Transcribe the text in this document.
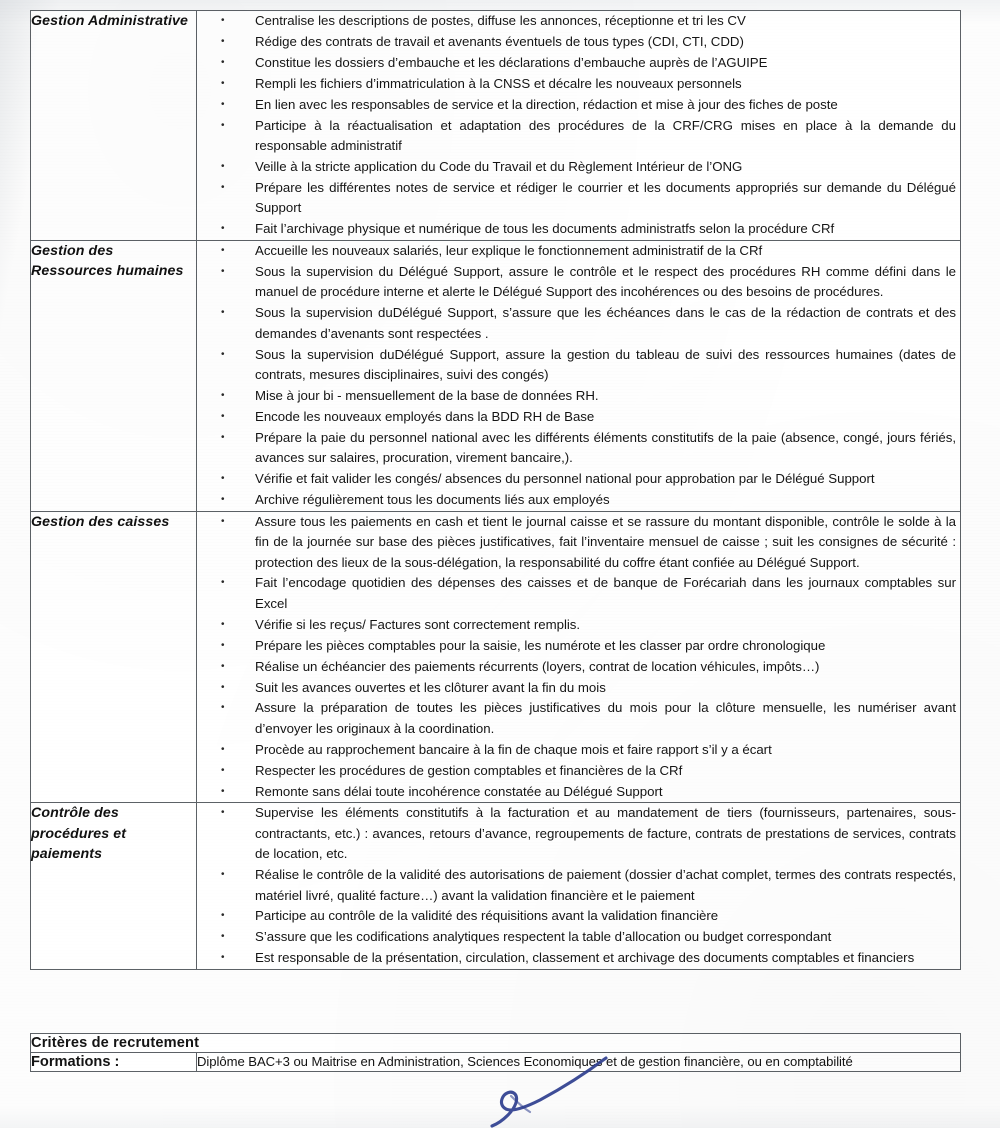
Gestion Administrative	
•Centralise les descriptions de postes, diffuse les annonces, réceptionne et tri les CV
• Rédige des contrats de travail et avenants éventuels de tous types (CDI, CTI, CDD)
• Constitue les dossiers d’embauche et les déclarations d’embauche auprès de l’AGUIPE
• Rempli les fichiers d’immatriculation à la CNSS et décalre les nouveaux personnels
• En lien avec les responsables de service et la direction, rédaction et mise à jour des fiches de poste
• Participe à la réactualisation et adaptation des procédures de la CRF/CRG mises en place à la demande du responsable administratif
• Veille à la stricte application du Code du Travail et du Règlement Intérieur de l’ONG
• Prépare les différentes notes de service et rédiger le courrier et les documents appropriés sur demande du Délégué Support
• Fait l’archivage physique et numérique de tous les documents administratfs selon la procédure CRf

Gestion des Ressources humaines	
• Accueille les nouveaux salariés, leur explique le fonctionnement administratif de la CRf
• Sous la supervision du Délégué Support, assure le contrôle et le respect des procédures RH comme défini dans le manuel de procédure interne et alerte le Délégué Support des incohérences ou des besoins de procédures.
• Sous la supervision duDélégué Support, s’assure que les échéances dans le cas de la rédaction de contrats et des demandes d’avenants sont respectées .
• Sous la supervision duDélégué Support, assure la gestion du tableau de suivi des ressources humaines (dates de contrats, mesures disciplinaires, suivi des congés)
• Mise à jour bi - mensuellement de la base de données RH.
• Encode les nouveaux employés dans la BDD RH de Base
• Prépare la paie du personnel national avec les différents éléments constitutifs de la paie (absence, congé, jours fériés, avances sur salaires, procuration, virement bancaire,).
• Vérifie et fait valider les congés/ absences du personnel national pour approbation par le Délégué Support
• Archive régulièrement tous les documents liés aux employés

Gestion des caisses	
•Assure tous les paiements en cash et tient le journal caisse et se rassure du montant disponible, contrôle le solde à la fin de la journée sur base des pièces justificatives, fait l’inventaire mensuel de caisse ; suit les consignes de sécurité : protection des lieux de la sous-délégation, la responsabilité du coffre étant confiée au Délégué Support.
• Fait l’encodage quotidien des dépenses des caisses et de banque de Forécariah dans les journaux comptables sur Excel
• Vérifie si les reçus/ Factures sont correctement remplis.
• Prépare les pièces comptables pour la saisie, les numérote et les classer par ordre chronologique
• Réalise un échéancier des paiements récurrents (loyers, contrat de location véhicules, impôts…)
• Suit les avances ouvertes et les clôturer avant la fin du mois
• Assure la préparation de toutes les pièces justificatives du mois pour la clôture mensuelle, les numériser avant d’envoyer les originaux à la coordination.
• Procède au rapprochement bancaire à la fin de chaque mois et faire rapport s’il y a écart
• Respecter les procédures de gestion comptables et financières de la CRf
• Remonte sans délai toute incohérence constatée au Délégué Support

Contrôle des procédures et paiements	
• Supervise les éléments constitutifs à la facturation et au mandatement de tiers (fournisseurs, partenaires, sous-contractants, etc.) : avances, retours d’avance, regroupements de facture, contrats de prestations de services, contrats de location, etc.
• Réalise le contrôle de la validité des autorisations de paiement (dossier d’achat complet, termes des contrats respectés, matériel livré, qualité facture…) avant la validation financière et le paiement
• Participe au contrôle de la validité des réquisitions avant la validation financière
• S’assure que les codifications analytiques respectent la table d’allocation ou budget correspondant
• Est responsable de la présentation, circulation, classement et archivage des documents comptables et financiers
Critères de recrutement
Formations :	Diplôme BAC+3 ou Maitrise en Administration, Sciences Economiques et de gestion financière, ou en comptabilité
